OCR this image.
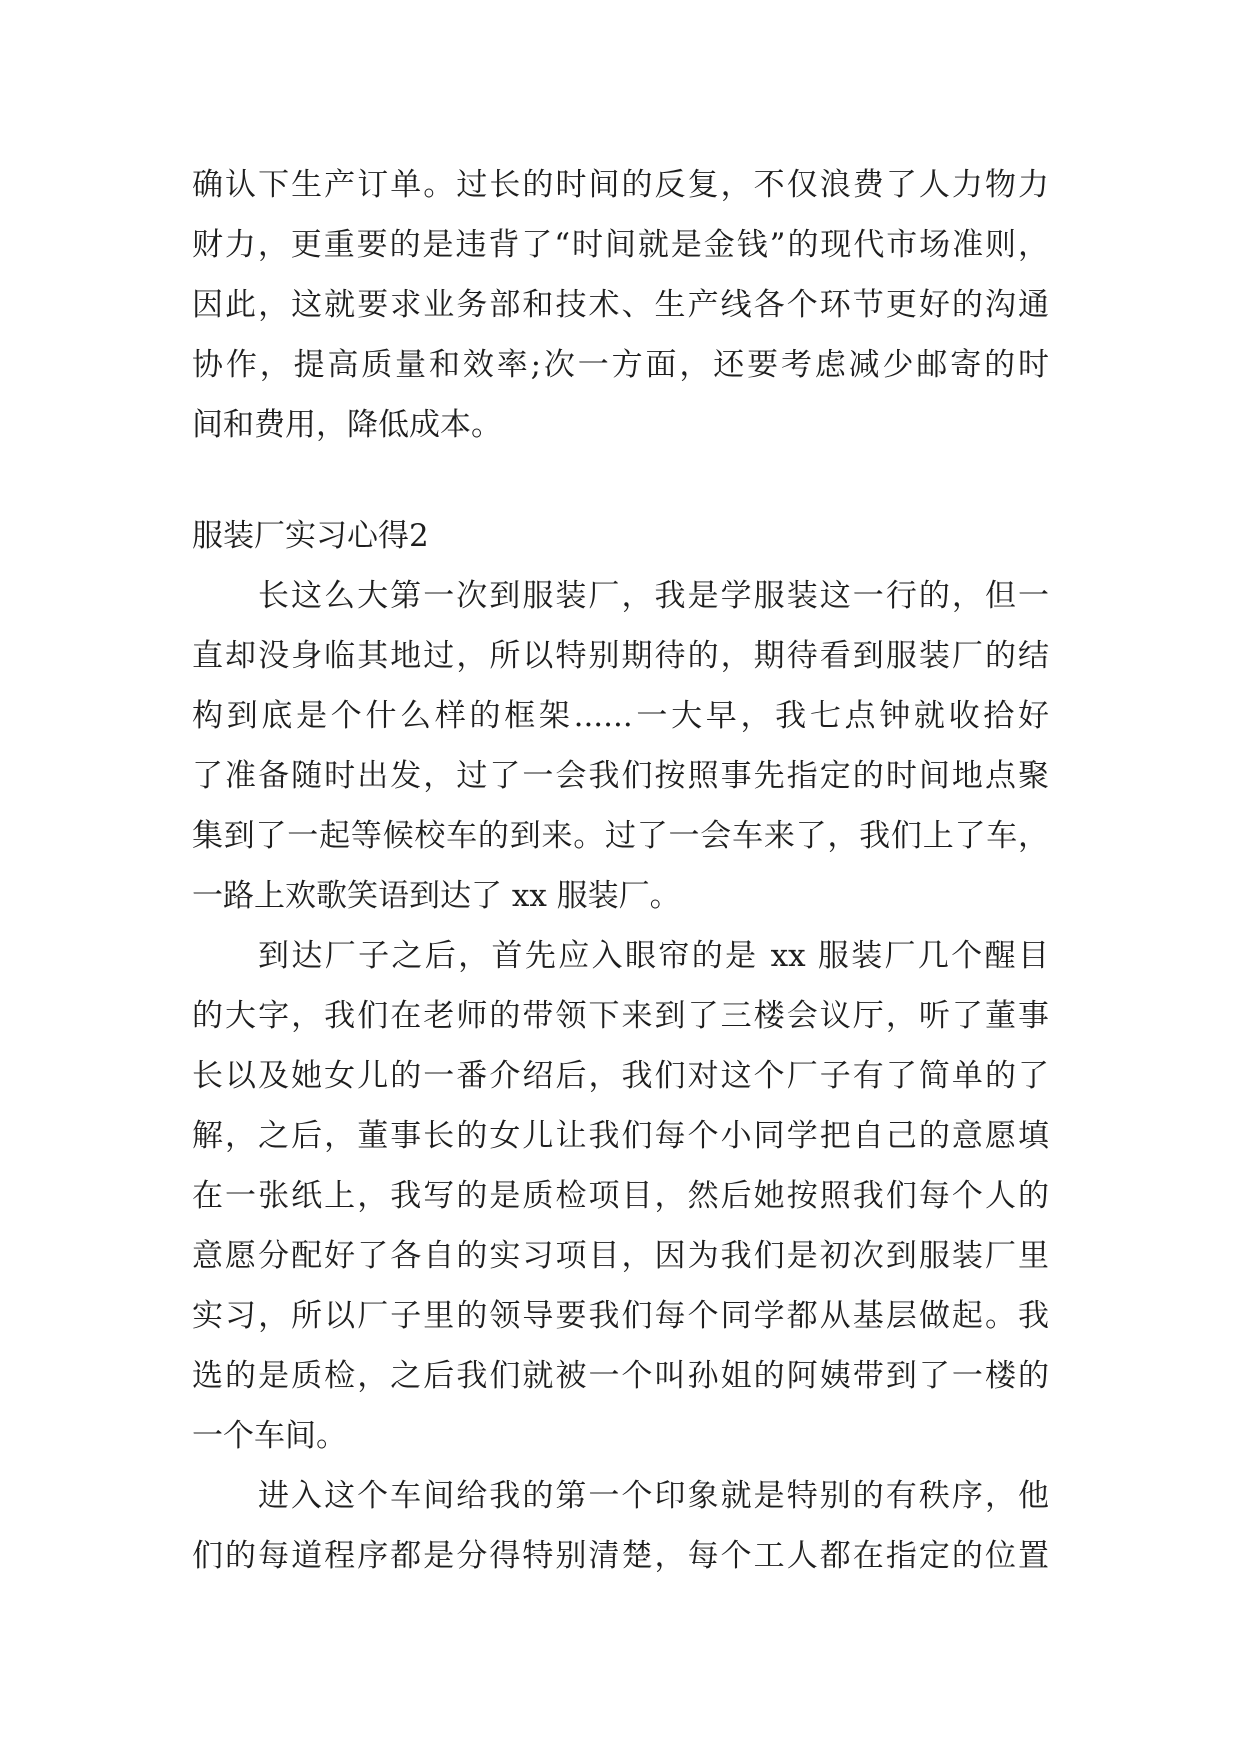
确认下生产订单。过长的时间的反复，不仅浪费了人力物力
财力，更重要的是违背了“时间就是金钱”的现代市场准则，
因此，这就要求业务部和技术、生产线各个环节更好的沟通
协作，提高质量和效率;次一方面，还要考虑减少邮寄的时
间和费用，降低成本。
服装厂实习心得2
长这么大第一次到服装厂，我是学服装这一行的，但一
直却没身临其地过，所以特别期待的，期待看到服装厂的结
构到底是个什么样的框架......一大早，我七点钟就收拾好
了准备随时出发，过了一会我们按照事先指定的时间地点聚
集到了一起等候校车的到来。过了一会车来了，我们上了车，
一路上欢歌笑语到达了 xx 服装厂。
到达厂子之后，首先应入眼帘的是 xx 服装厂几个醒目
的大字，我们在老师的带领下来到了三楼会议厅，听了董事
长以及她女儿的一番介绍后，我们对这个厂子有了简单的了
解，之后，董事长的女儿让我们每个小同学把自己的意愿填
在一张纸上，我写的是质检项目，然后她按照我们每个人的
意愿分配好了各自的实习项目，因为我们是初次到服装厂里
实习，所以厂子里的领导要我们每个同学都从基层做起。我
选的是质检，之后我们就被一个叫孙姐的阿姨带到了一楼的
一个车间。
进入这个车间给我的第一个印象就是特别的有秩序，他
们的每道程序都是分得特别清楚，每个工人都在指定的位置
